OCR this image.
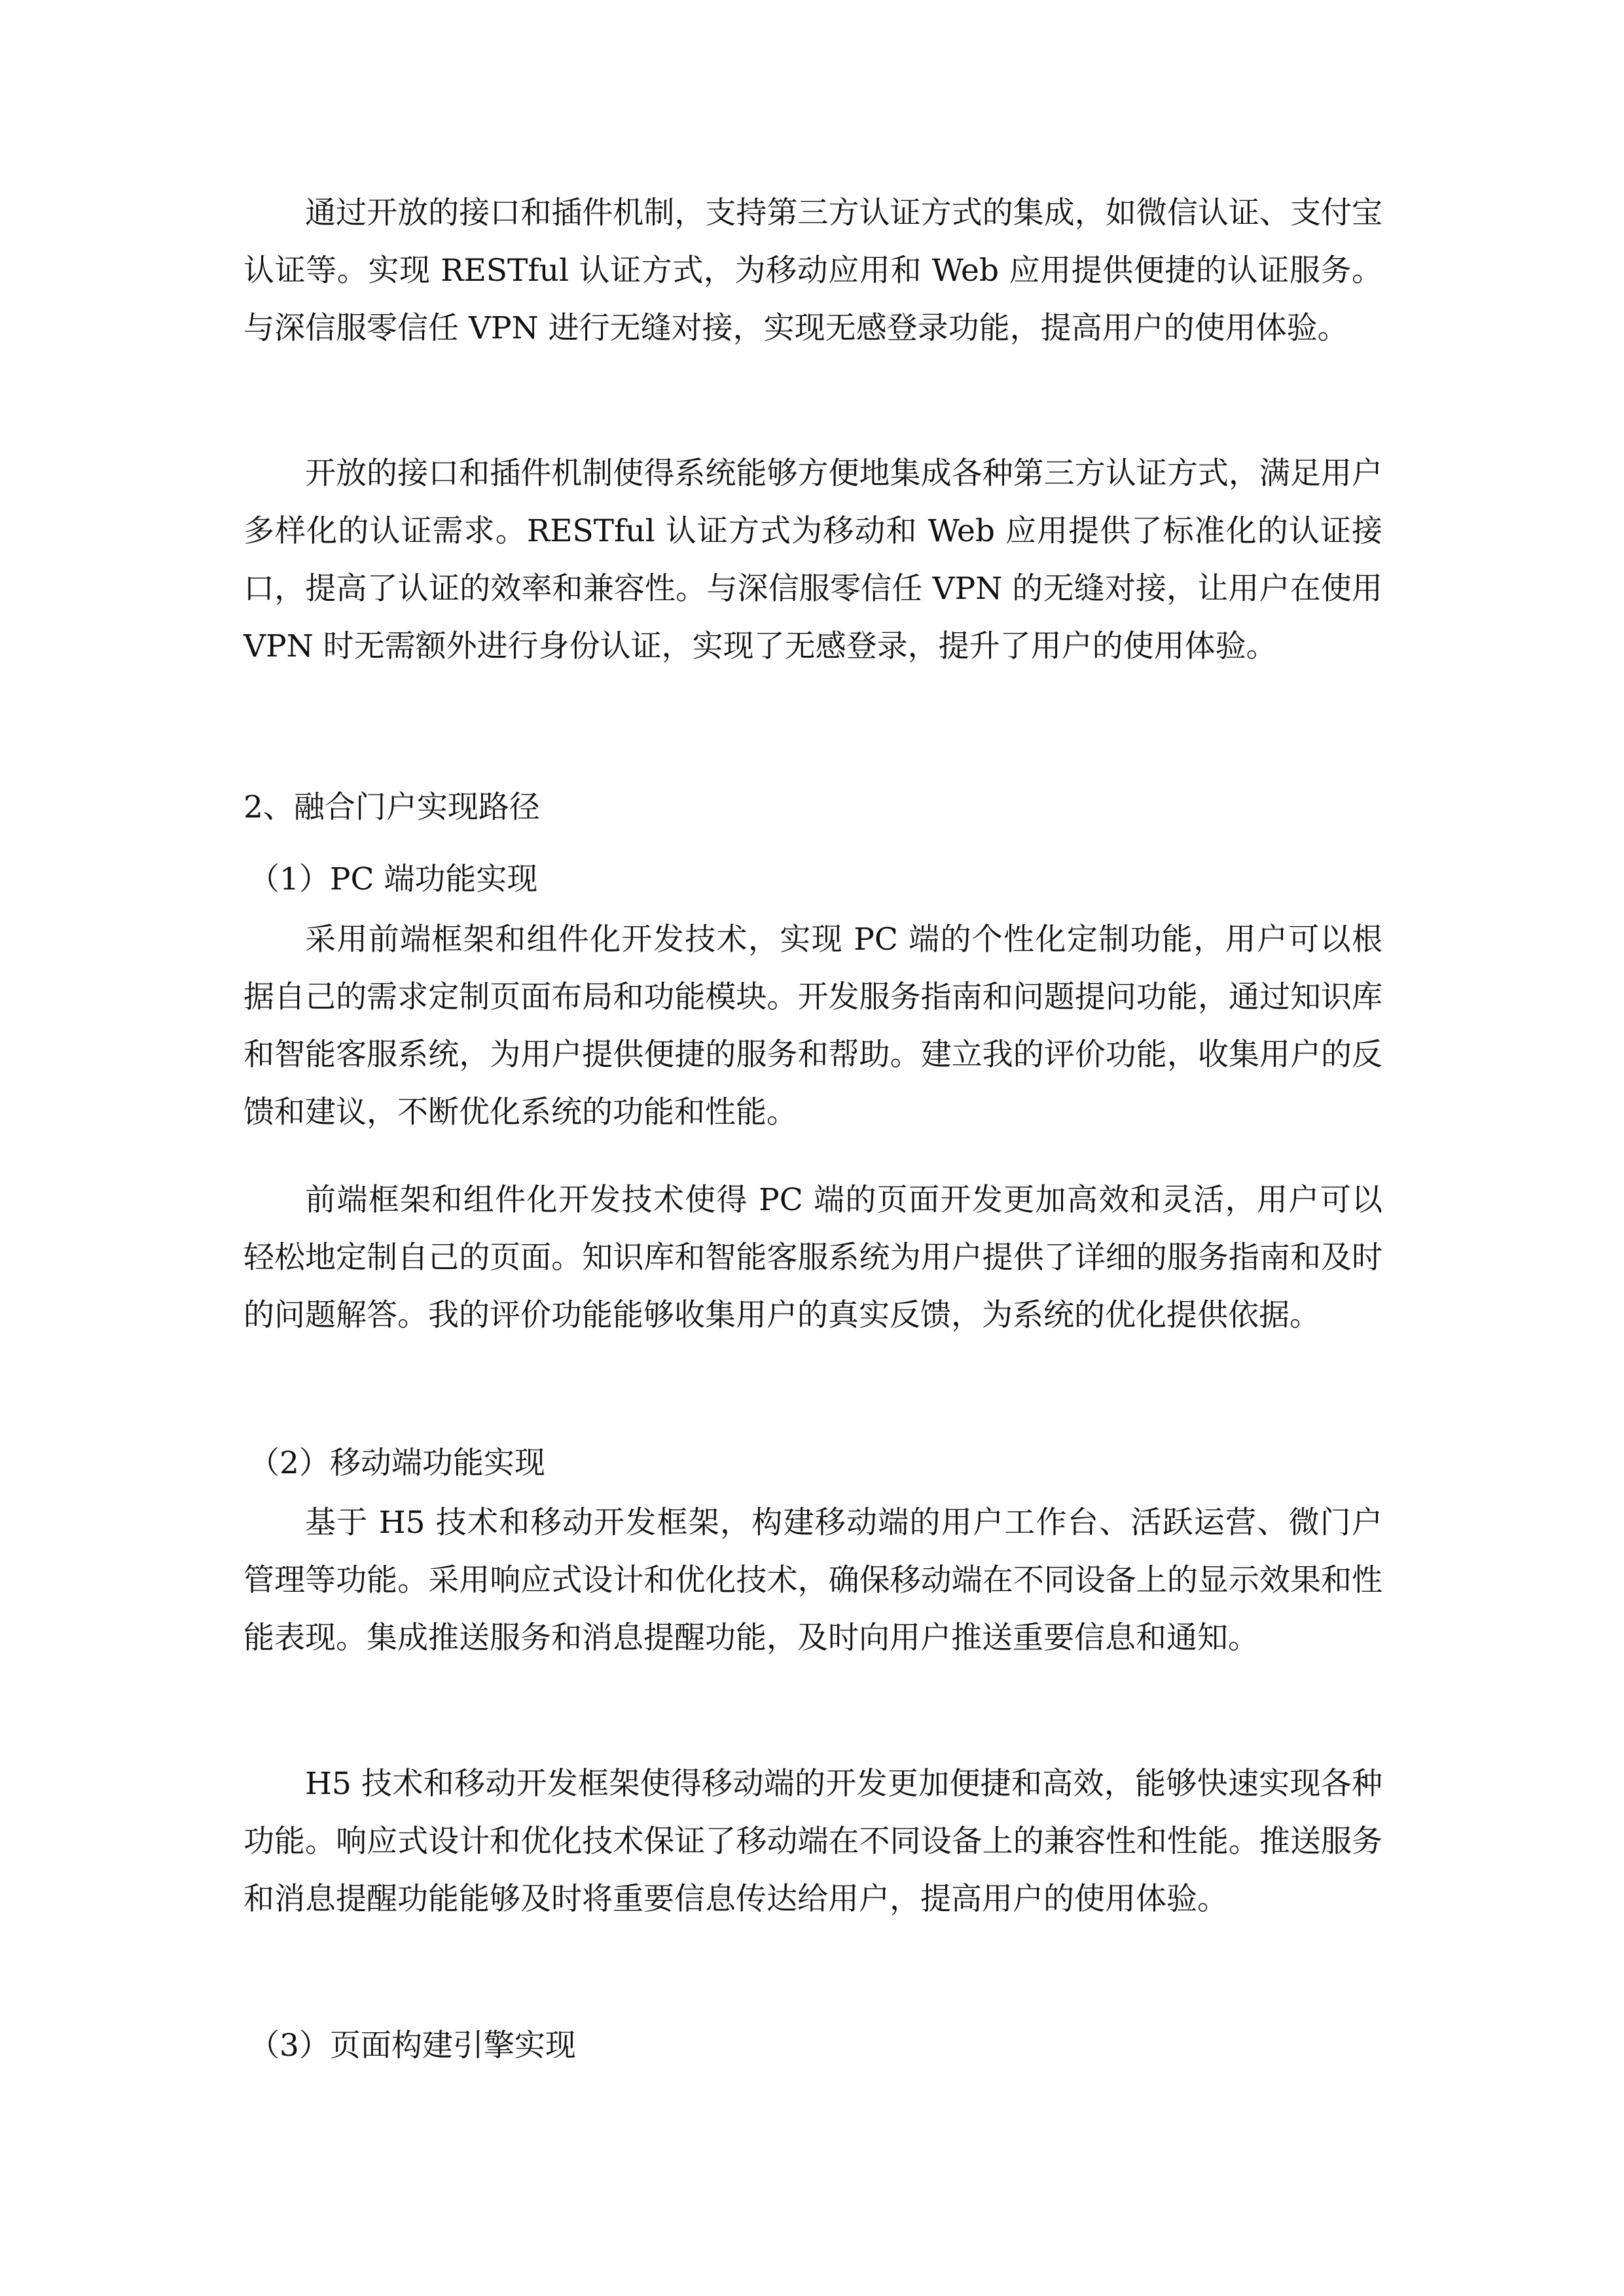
通过开放的接口和插件机制，支持第三方认证方式的集成，如微信认证、支付宝认证等。实现 RESTful 认证方式，为移动应用和 Web 应用提供便捷的认证服务。与深信服零信任 VPN 进行无缝对接，实现无感登录功能，提高用户的使用体验。

开放的接口和插件机制使得系统能够方便地集成各种第三方认证方式，满足用户多样化的认证需求。RESTful 认证方式为移动和 Web 应用提供了标准化的认证接口，提高了认证的效率和兼容性。与深信服零信任 VPN 的无缝对接，让用户在使用 VPN 时无需额外进行身份认证，实现了无感登录，提升了用户的使用体验。

2、融合门户实现路径

（1）PC 端功能实现

采用前端框架和组件化开发技术，实现 PC 端的个性化定制功能，用户可以根据自己的需求定制页面布局和功能模块。开发服务指南和问题提问功能，通过知识库和智能客服系统，为用户提供便捷的服务和帮助。建立我的评价功能，收集用户的反馈和建议，不断优化系统的功能和性能。

前端框架和组件化开发技术使得 PC 端的页面开发更加高效和灵活，用户可以轻松地定制自己的页面。知识库和智能客服系统为用户提供了详细的服务指南和及时的问题解答。我的评价功能能够收集用户的真实反馈，为系统的优化提供依据。

（2）移动端功能实现

基于 H5 技术和移动开发框架，构建移动端的用户工作台、活跃运营、微门户管理等功能。采用响应式设计和优化技术，确保移动端在不同设备上的显示效果和性能表现。集成推送服务和消息提醒功能，及时向用户推送重要信息和通知。

H5 技术和移动开发框架使得移动端的开发更加便捷和高效，能够快速实现各种功能。响应式设计和优化技术保证了移动端在不同设备上的兼容性和性能。推送服务和消息提醒功能能够及时将重要信息传达给用户，提高用户的使用体验。

（3）页面构建引擎实现
